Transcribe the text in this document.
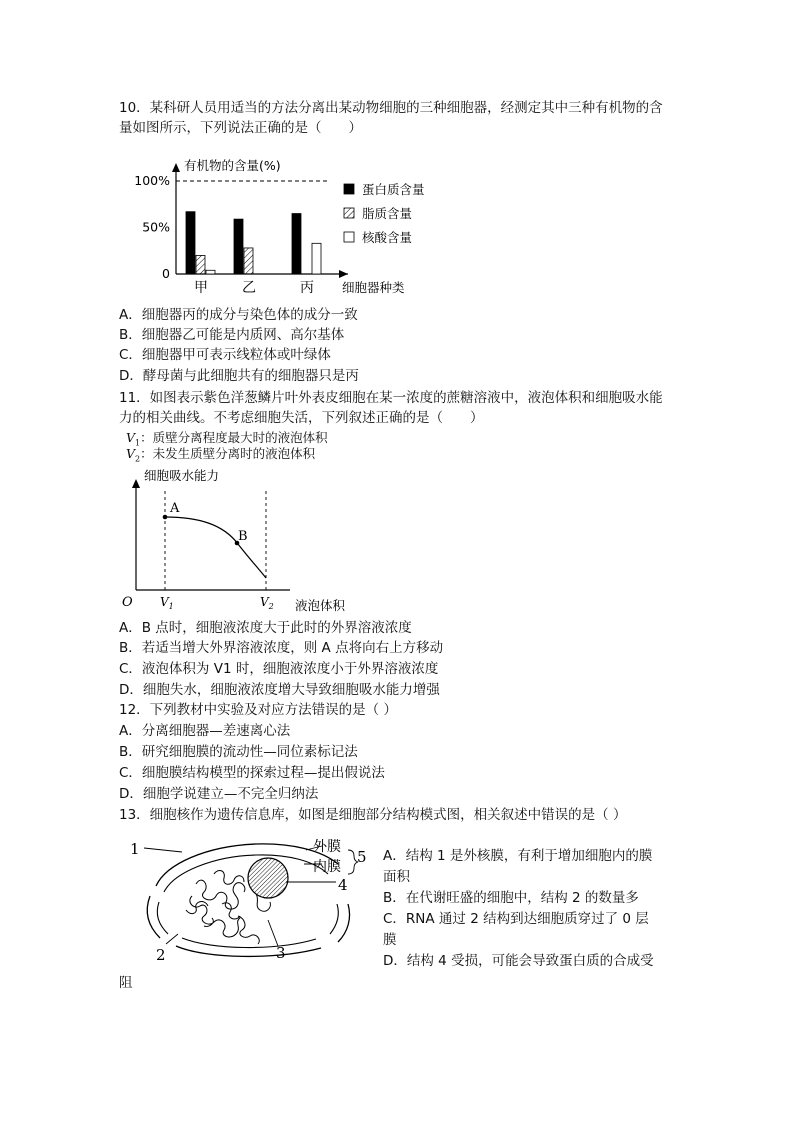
10．某科研人员用适当的方法分离出某动物细胞的三种细胞器，经测定其中三种有机物的含
量如图所示，下列说法正确的是（　　）
有机物的含量(%)
100%
50%
0
甲 乙	丙 细胞器种类
蛋白质含量
脂质含量
核酸含量
A．细胞器丙的成分与染色体的成分一致
B．细胞器乙可能是内质网、高尔基体
C．细胞器甲可表示线粒体或叶绿体
D．酵母菌与此细胞共有的细胞器只是丙
11．如图表示紫色洋葱鳞片叶外表皮细胞在某一浓度的蔗糖溶液中，液泡体积和细胞吸水能
力的相关曲线。不考虑细胞失活，下列叙述正确的是（　　）
$V_1$：质壁分离程度最大时的液泡体积
$V_2$：未发生质壁分离时的液泡体积
细胞吸水能力
A
B
O $V_1$	$V_2$ 液泡体积
A．B 点时，细胞液浓度大于此时的外界溶液浓度
B．若适当增大外界溶液浓度，则 A 点将向右上方移动
C．液泡体积为 V1 时，细胞液浓度小于外界溶液浓度
D．细胞失水，细胞液浓度增大导致细胞吸水能力增强
12．下列教材中实验及对应方法错误的是（ ）
A．分离细胞器—差速离心法
B．研究细胞膜的流动性—同位素标记法
C．细胞膜结构模型的探索过程—提出假说法
D．细胞学说建立—不完全归纳法
13．细胞核作为遗传信息库，如图是细胞部分结构模式图，相关叙述中错误的是（ ）
1
2	3
4
5
外膜
内膜
A．结构 1 是外核膜，有利于增加细胞内的膜
面积
B．在代谢旺盛的细胞中，结构 2 的数量多
C．RNA 通过 2 结构到达细胞质穿过了 0 层
膜
D．结构 4 受损，可能会导致蛋白质的合成受
阻
